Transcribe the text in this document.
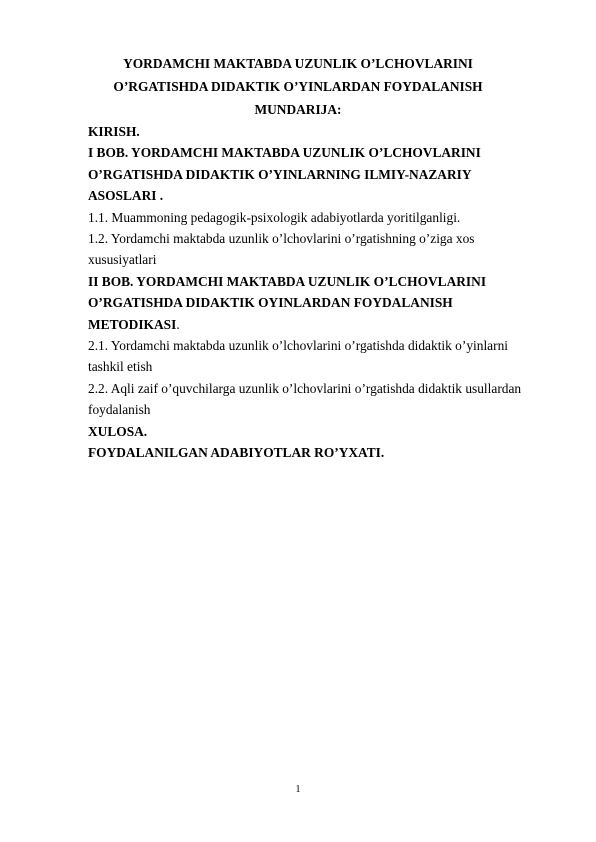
YORDAMCHI MAKTABDA UZUNLIK O’LCHOVLARINI
O’RGATISHDA DIDAKTIK O’YINLARDAN FOYDALANISH
MUNDARIJA:
KIRISH.
I BOB. YORDAMCHI MAKTABDA UZUNLIK O’LCHOVLARINI
O’RGATISHDA DIDAKTIK O’YINLARNING ILMIY-NAZARIY
ASOSLARI .
1.1. Muammoning pedagogik-psixologik adabiyotlarda yoritilganligi.
1.2. Yordamchi maktabda uzunlik o’lchovlarini o’rgatishning o’ziga xos
xususiyatlari
II BOB. YORDAMCHI MAKTABDA UZUNLIK O’LCHOVLARINI
O’RGATISHDA DIDAKTIK OYINLARDAN FOYDALANISH
METODIKASI.
2.1. Yordamchi maktabda uzunlik o’lchovlarini o’rgatishda didaktik o’yinlarni
tashkil etish
2.2. Aqli zaif o’quvchilarga uzunlik o’lchovlarini o’rgatishda didaktik usullardan
foydalanish
XULOSA.
FOYDALANILGAN ADABIYOTLAR RO’YXATI.
1
